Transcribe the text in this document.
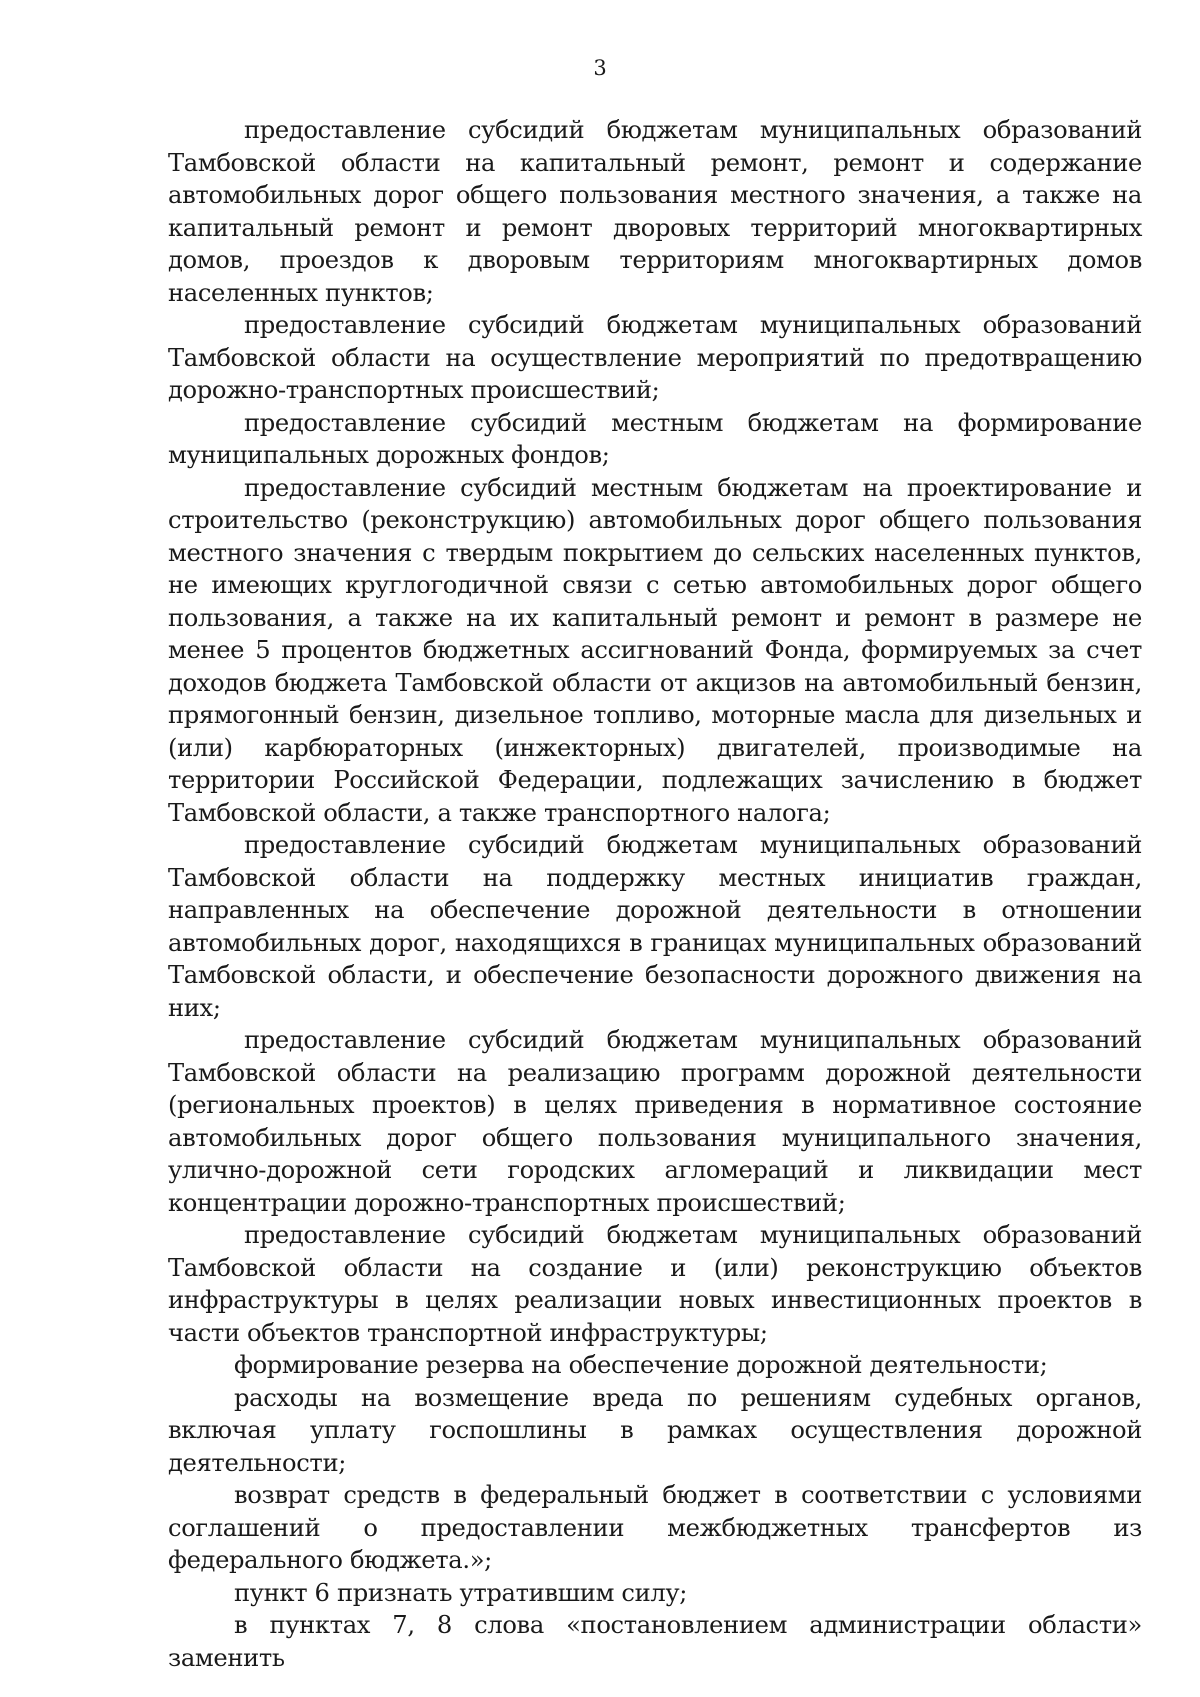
3

предоставление субсидий бюджетам муниципальных образований Тамбовской области на капитальный ремонт, ремонт и содержание автомобильных дорог общего пользования местного значения, а также на капитальный ремонт и ремонт дворовых территорий многоквартирных домов, проездов к дворовым территориям многоквартирных домов населенных пунктов;

предоставление субсидий бюджетам муниципальных образований Тамбовской области на осуществление мероприятий по предотвращению дорожно-транспортных происшествий;

предоставление субсидий местным бюджетам на формирование муниципальных дорожных фондов;

предоставление субсидий местным бюджетам на проектирование и строительство (реконструкцию) автомобильных дорог общего пользования местного значения с твердым покрытием до сельских населенных пунктов, не имеющих круглогодичной связи с сетью автомобильных дорог общего пользования, а также на их капитальный ремонт и ремонт в размере не менее 5 процентов бюджетных ассигнований Фонда, формируемых за счет доходов бюджета Тамбовской области от акцизов на автомобильный бензин, прямогонный бензин, дизельное топливо, моторные масла для дизельных и (или) карбюраторных (инжекторных) двигателей, производимые на территории Российской Федерации, подлежащих зачислению в бюджет Тамбовской области, а также транспортного налога;

предоставление субсидий бюджетам муниципальных образований Тамбовской области на поддержку местных инициатив граждан, направленных на обеспечение дорожной деятельности в отношении автомобильных дорог, находящихся в границах муниципальных образований Тамбовской области, и обеспечение безопасности дорожного движения на них;

предоставление субсидий бюджетам муниципальных образований Тамбовской области на реализацию программ дорожной деятельности (региональных проектов) в целях приведения в нормативное состояние автомобильных дорог общего пользования муниципального значения, улично-дорожной сети городских агломераций и ликвидации мест концентрации дорожно-транспортных происшествий;

предоставление субсидий бюджетам муниципальных образований Тамбовской области на создание и (или) реконструкцию объектов инфраструктуры в целях реализации новых инвестиционных проектов в части объектов транспортной инфраструктуры;

формирование резерва на обеспечение дорожной деятельности;

расходы на возмещение вреда по решениям судебных органов, включая уплату госпошлины в рамках осуществления дорожной деятельности;

возврат средств в федеральный бюджет в соответствии с условиями соглашений о предоставлении межбюджетных трансфертов из федерального бюджета.»;

пункт 6 признать утратившим силу;

в пунктах 7, 8 слова «постановлением администрации области» заменить
